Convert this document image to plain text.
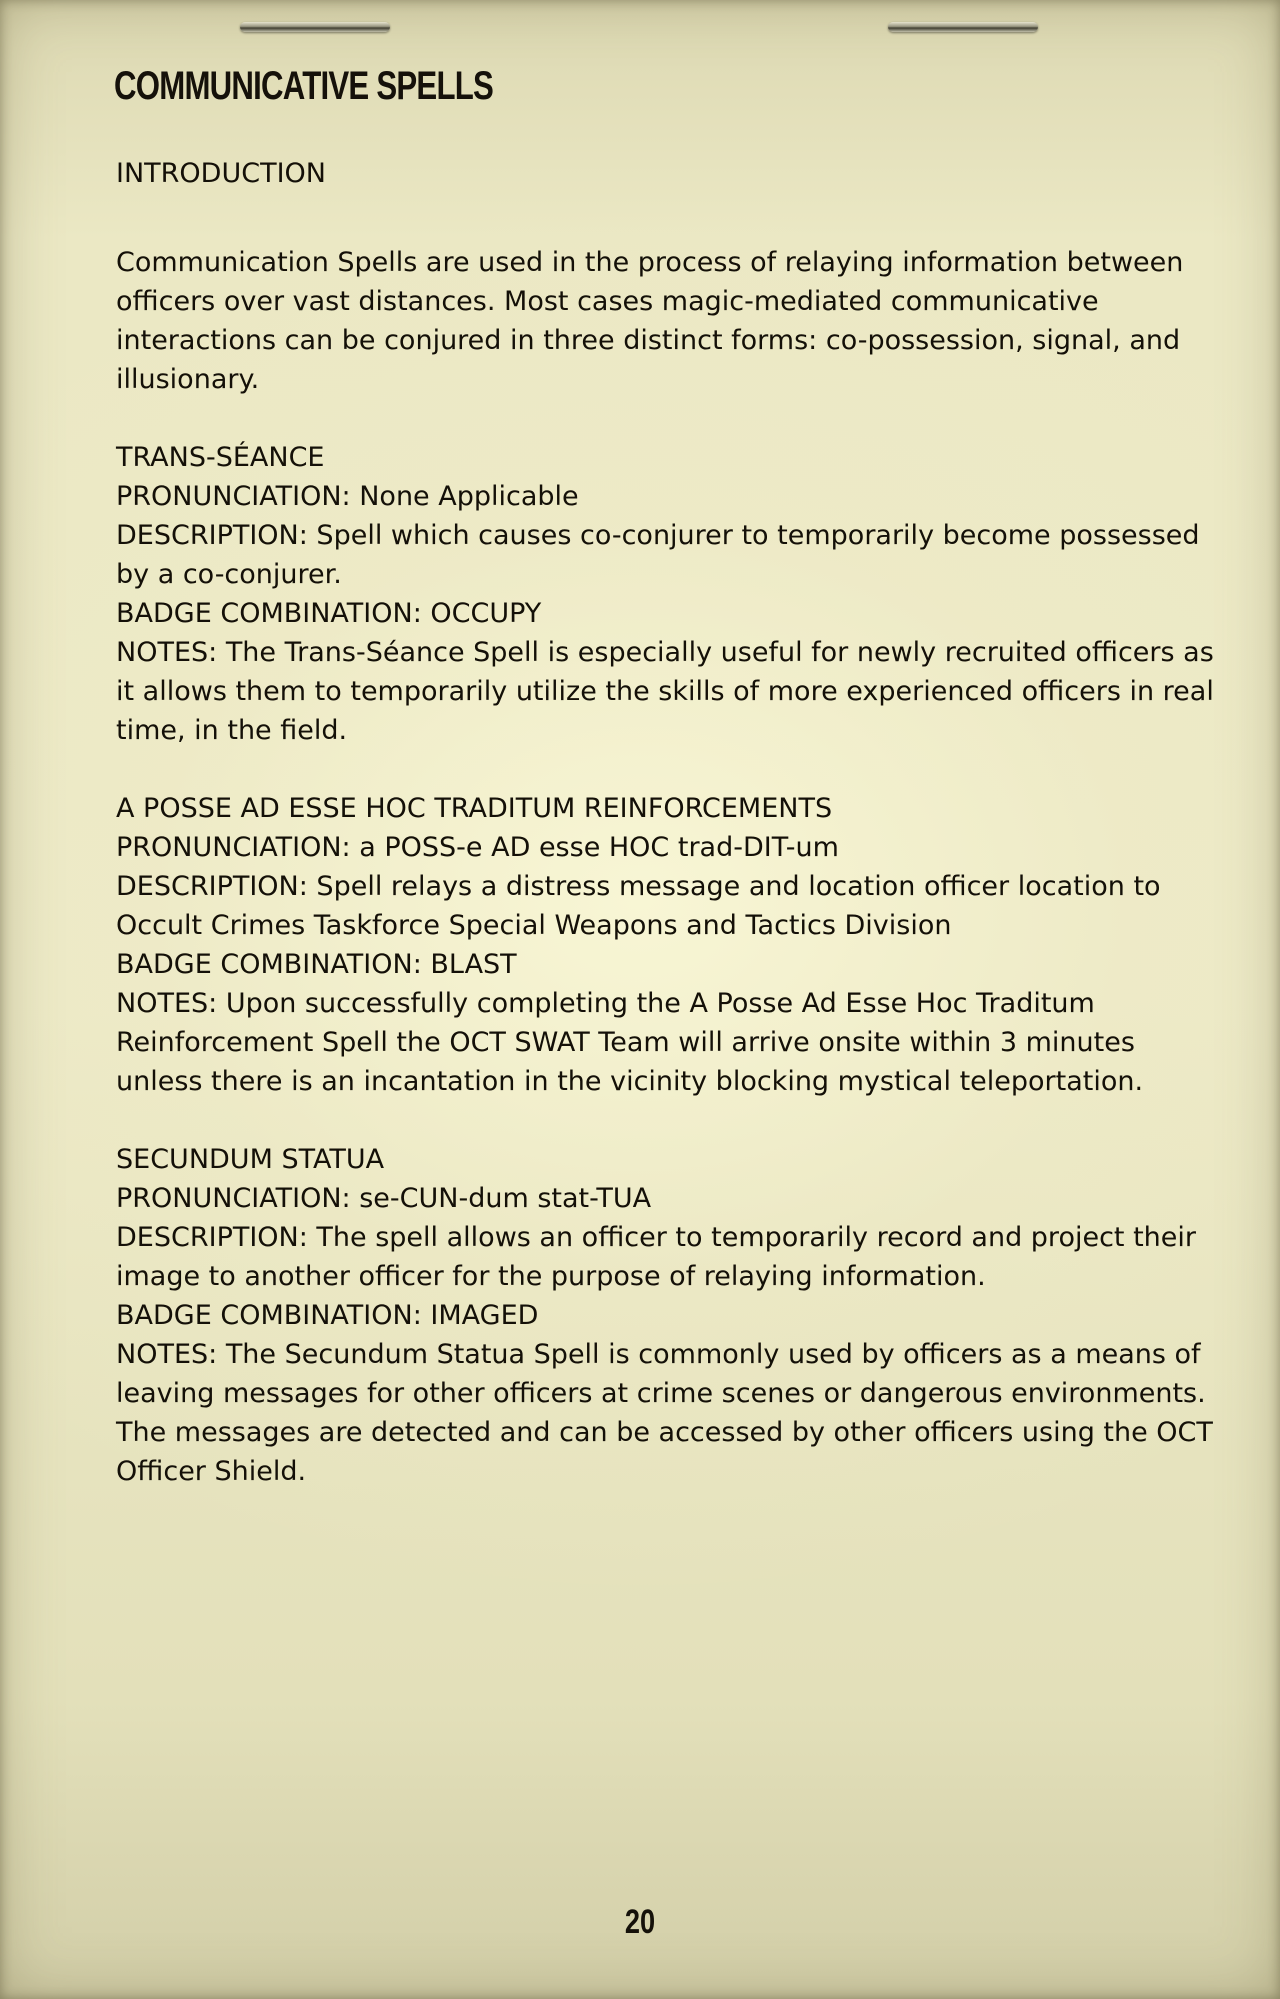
COMMUNICATIVE SPELLS

INTRODUCTION

Communication Spells are used in the process of relaying information between officers over vast distances. Most cases magic-mediated communicative interactions can be conjured in three distinct forms: co-possession, signal, and illusionary.

TRANS-SÉANCE

PRONUNCIATION: None Applicable

DESCRIPTION: Spell which causes co-conjurer to temporarily become possessed by a co-conjurer.

BADGE COMBINATION: OCCUPY

NOTES: The Trans-Séance Spell is especially useful for newly recruited officers as it allows them to temporarily utilize the skills of more experienced officers in real time, in the field.

A POSSE AD ESSE HOC TRADITUM REINFORCEMENTS

PRONUNCIATION: a POSS-e AD esse HOC trad-DIT-um

DESCRIPTION: Spell relays a distress message and location officer location to Occult Crimes Taskforce Special Weapons and Tactics Division

BADGE COMBINATION: BLAST

NOTES: Upon successfully completing the A Posse Ad Esse Hoc Traditum Reinforcement Spell the OCT SWAT Team will arrive onsite within 3 minutes unless there is an incantation in the vicinity blocking mystical teleportation.

SECUNDUM STATUA

PRONUNCIATION: se-CUN-dum stat-TUA

DESCRIPTION: The spell allows an officer to temporarily record and project their image to another officer for the purpose of relaying information.

BADGE COMBINATION: IMAGED

NOTES: The Secundum Statua Spell is commonly used by officers as a means of leaving messages for other officers at crime scenes or dangerous environments. The messages are detected and can be accessed by other officers using the OCT Officer Shield.

20
